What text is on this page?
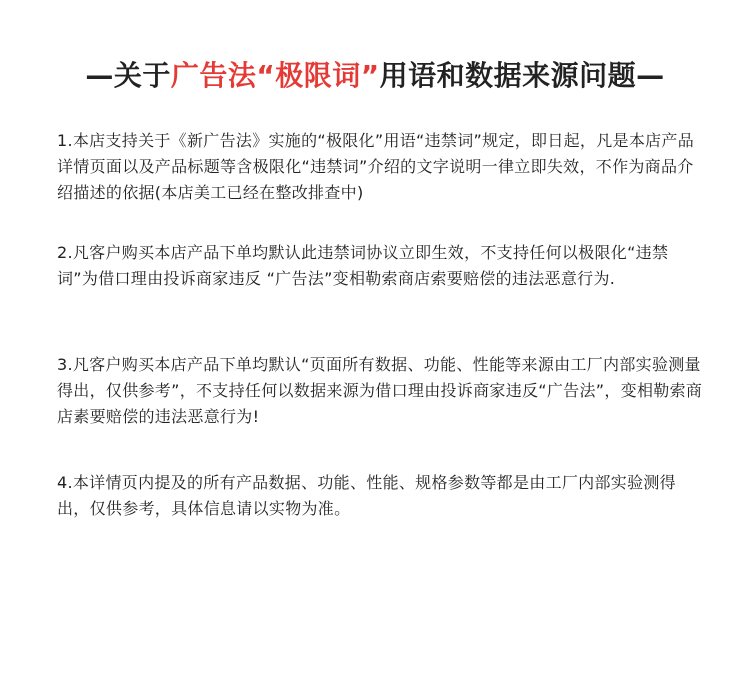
—关于广告法“极限词”用语和数据来源问题—
1.本店支持关于《新广告法》实施的“极限化”用语“违禁词”规定，即日起，凡是本店产品详情页面以及产品标题等含极限化“违禁词”介绍的文字说明一律立即失效，不作为商品介绍描述的依据(本店美工已经在整改排查中)
2.凡客户购买本店产品下单均默认此违禁词协议立即生效，不支持任何以极限化“违禁词”为借口理由投诉商家违反 “广告法”变相勒索商店索要赔偿的违法恶意行为.
3.凡客户购买本店产品下单均默认“页面所有数据、功能、性能等来源由工厂内部实验测量得出，仅供参考”，不支持任何以数据来源为借口理由投诉商家违反“广告法”，变相勒索商店素要赔偿的违法恶意行为!
4.本详情页内提及的所有产品数据、功能、性能、规格参数等都是由工厂内部实验测得出，仅供参考，具体信息请以实物为准。
